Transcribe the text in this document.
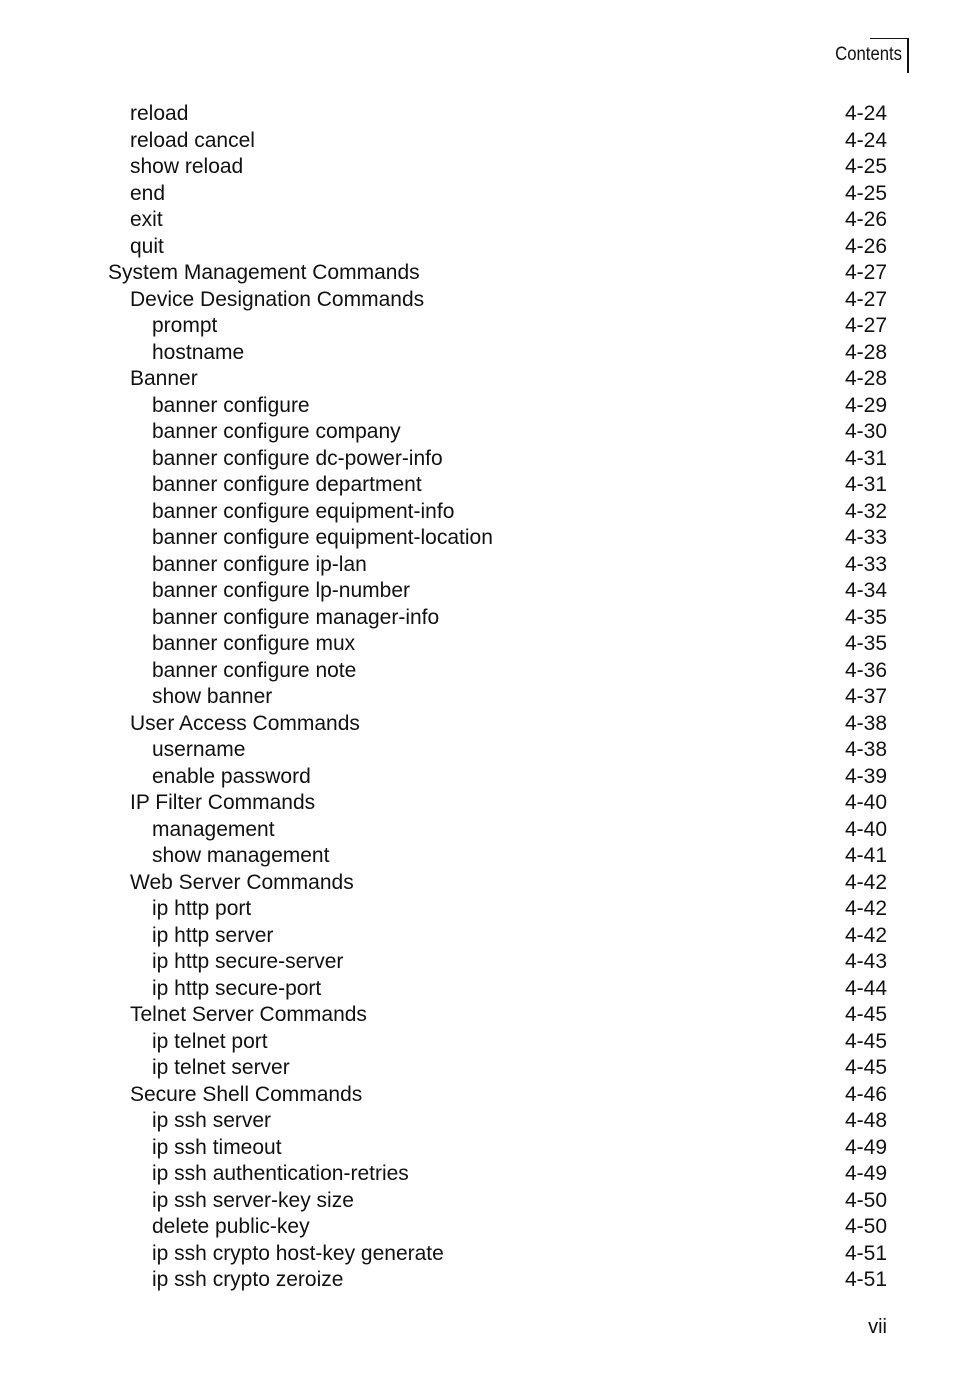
Contents
reload	4-24
reload cancel	4-24
show reload	4-25
end	4-25
exit	4-26
quit	4-26
System Management Commands	4-27
Device Designation Commands	4-27
prompt	4-27
hostname	4-28
Banner	4-28
banner configure	4-29
banner configure company	4-30
banner configure dc-power-info	4-31
banner configure department	4-31
banner configure equipment-info	4-32
banner configure equipment-location	4-33
banner configure ip-lan	4-33
banner configure lp-number	4-34
banner configure manager-info	4-35
banner configure mux	4-35
banner configure note	4-36
show banner	4-37
User Access Commands	4-38
username	4-38
enable password	4-39
IP Filter Commands	4-40
management	4-40
show management	4-41
Web Server Commands	4-42
ip http port	4-42
ip http server	4-42
ip http secure-server	4-43
ip http secure-port	4-44
Telnet Server Commands	4-45
ip telnet port	4-45
ip telnet server	4-45
Secure Shell Commands	4-46
ip ssh server	4-48
ip ssh timeout	4-49
ip ssh authentication-retries	4-49
ip ssh server-key size	4-50
delete public-key	4-50
ip ssh crypto host-key generate	4-51
ip ssh crypto zeroize	4-51
vii
